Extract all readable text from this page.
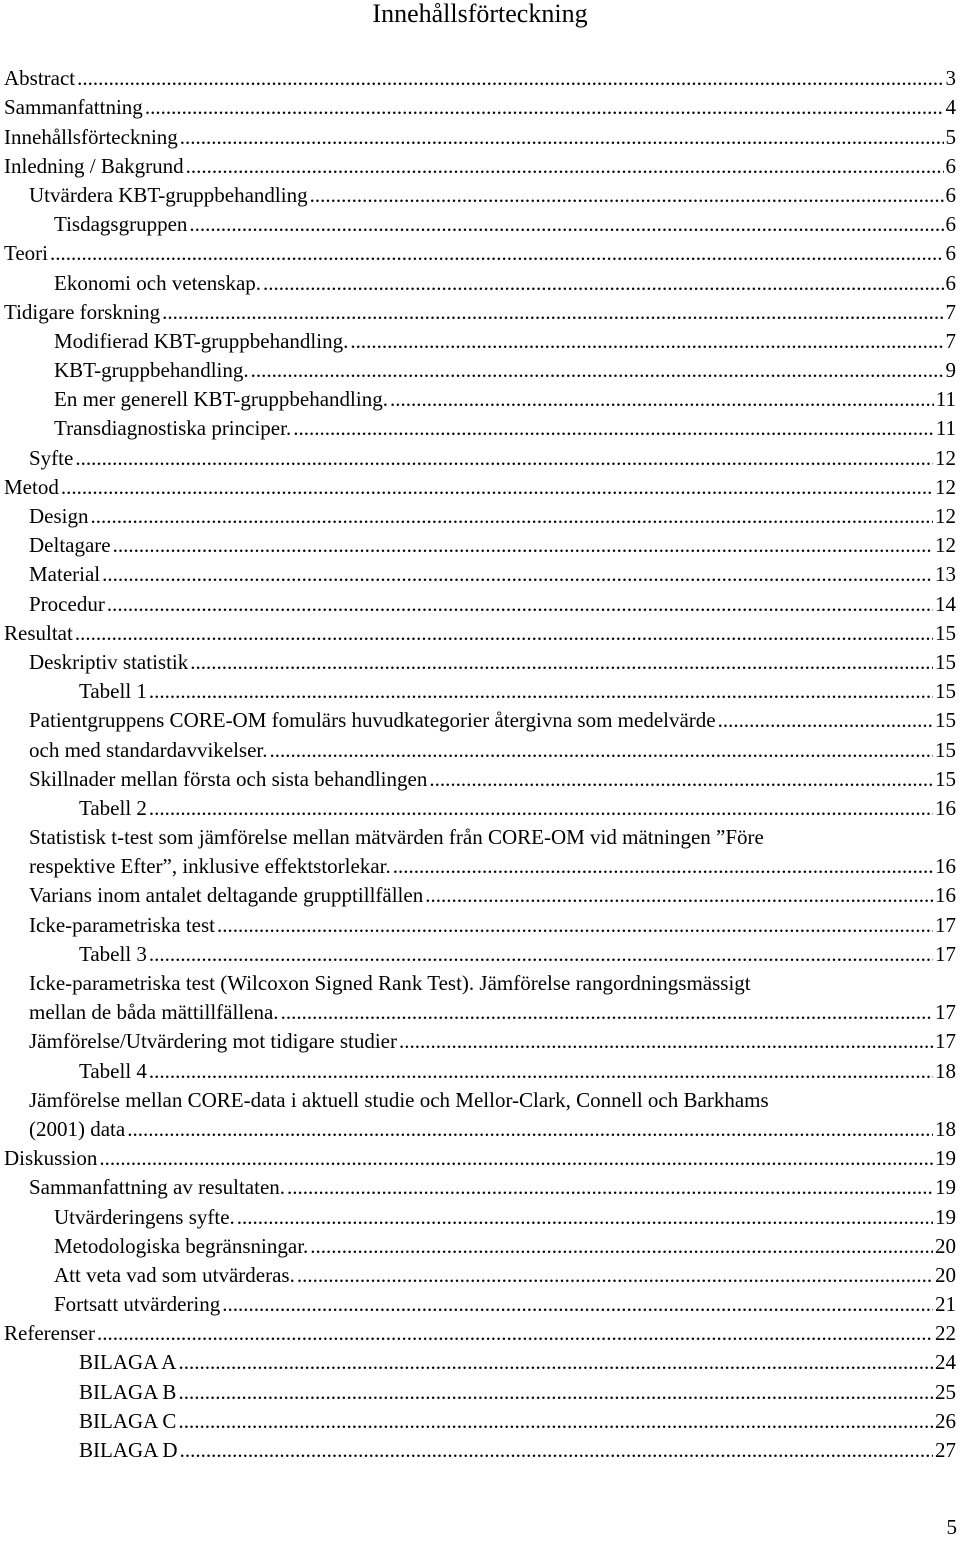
Innehållsförteckning
Abstract .....	3
Sammanfattning .....	4
Innehållsförteckning .....	5
Inledning / Bakgrund .....	6
Utvärdera KBT-gruppbehandling .....	6
Tisdagsgruppen .....	6
Teori .....	6
Ekonomi och vetenskap. .....	6
Tidigare forskning .....	7
Modifierad KBT-gruppbehandling. .....	7
KBT-gruppbehandling. .....	9
En mer generell KBT-gruppbehandling. .....	11
Transdiagnostiska principer. .....	11
Syfte .....	12
Metod .....	12
Design .....	12
Deltagare .....	12
Material .....	13
Procedur .....	14
Resultat .....	15
Deskriptiv statistik .....	15
Tabell 1 .....	15
Patientgruppens CORE-OM fomulärs huvudkategorier återgivna som medelvärde .....	15
och med standardavvikelser. .....	15
Skillnader mellan första och sista behandlingen .....	15
Tabell 2 .....	16
Statistisk t-test som jämförelse mellan mätvärden från CORE-OM vid mätningen ”Före
respektive Efter”, inklusive effektstorlekar. .....	16
Varians inom antalet deltagande grupptillfällen .....	16
Icke-parametriska test .....	17
Tabell 3 .....	17
Icke-parametriska test (Wilcoxon Signed Rank Test). Jämförelse rangordningsmässigt
mellan de båda mättillfällena. .....	17
Jämförelse/Utvärdering mot tidigare studier .....	17
Tabell 4 .....	18
Jämförelse mellan CORE-data i aktuell studie och Mellor-Clark, Connell och Barkhams
(2001) data .....	18
Diskussion .....	19
Sammanfattning av resultaten. .....	19
Utvärderingens syfte. .....	19
Metodologiska begränsningar. .....	20
Att veta vad som utvärderas. .....	20
Fortsatt utvärdering .....	21
Referenser .....	22
BILAGA A .....	24
BILAGA B .....	25
BILAGA C .....	26
BILAGA D .....	27
5
